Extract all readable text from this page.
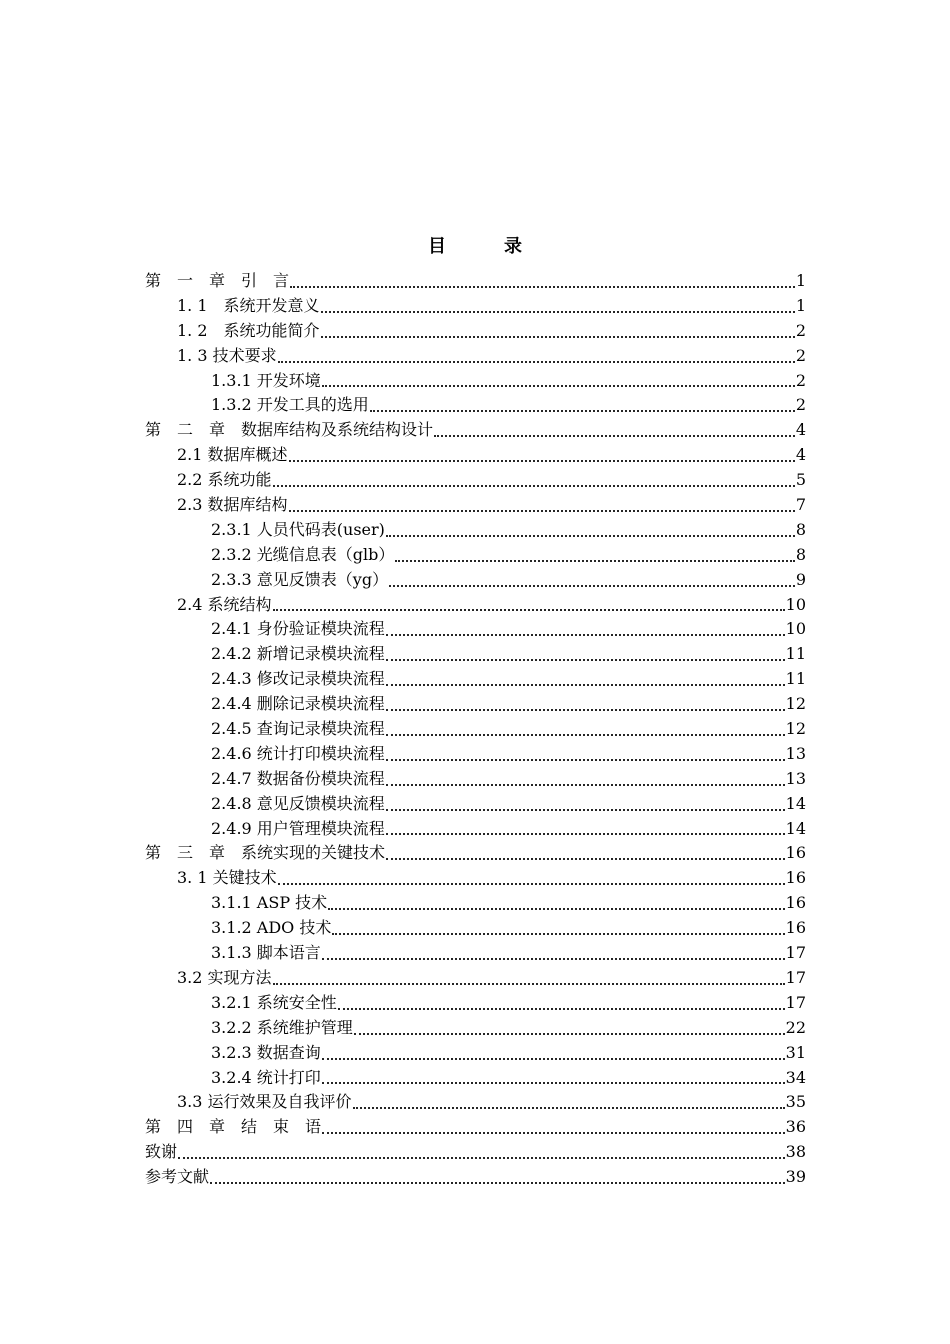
目	录
第　一　章　引　言	1
1. 1　系统开发意义	1
1. 2　系统功能简介	2
1. 3 技术要求	2
1.3.1 开发环境	2
1.3.2 开发工具的选用	2
第　二　章　数据库结构及系统结构设计	4
2.1 数据库概述	4
2.2 系统功能	5
2.3 数据库结构	7
2.3.1 人员代码表(user)	8
2.3.2 光缆信息表（glb）	8
2.3.3 意见反馈表（yg）	9
2.4 系统结构	10
2.4.1 身份验证模块流程	10
2.4.2 新增记录模块流程	11
2.4.3 修改记录模块流程	11
2.4.4 删除记录模块流程	12
2.4.5 查询记录模块流程	12
2.4.6 统计打印模块流程	13
2.4.7 数据备份模块流程	13
2.4.8 意见反馈模块流程	14
2.4.9 用户管理模块流程	14
第　三　章　系统实现的关键技术	16
3. 1 关键技术	16
3.1.1 ASP 技术	16
3.1.2 ADO 技术	16
3.1.3 脚本语言	17
3.2 实现方法	17
3.2.1 系统安全性	17
3.2.2 系统维护管理	22
3.2.3 数据查询	31
3.2.4 统计打印	34
3.3 运行效果及自我评价	35
第　四　章　结　束　语	36
致谢	38
参考文献	39
